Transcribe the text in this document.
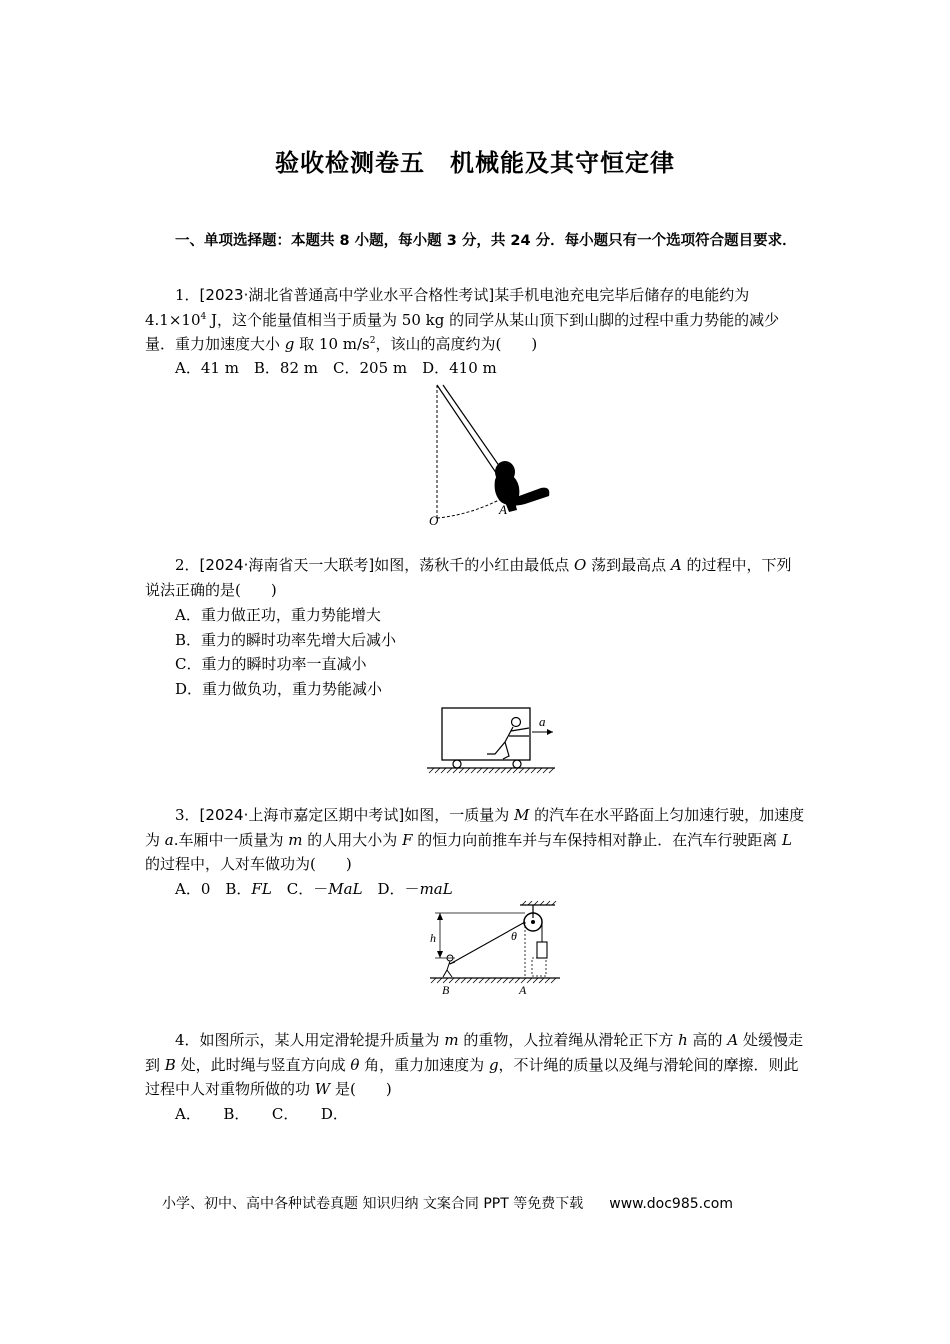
验收检测卷五　机械能及其守恒定律

一、单项选择题：本题共 8 小题，每小题 3 分，共 24 分．每小题只有一个选项符合题目要求．

1．[2023·湖北省普通高中学业水平合格性考试]某手机电池充电完毕后储存的电能约为 $4.1\times 10^4$ J，这个能量值相当于质量为 50 kg 的同学从某山顶下到山脚的过程中重力势能的减少量．重力加速度大小 g 取 10 $m/s^2$，该山的高度约为(　　)

A．41 m　B．82 m　C．205 m　D．410 m
O
A

2．[2024·海南省天一大联考]如图，荡秋千的小红由最低点 O 荡到最高点 A 的过程中，下列说法正确的是(　　)

A．重力做正功，重力势能增大
B．重力的瞬时功率先增大后减小
C．重力的瞬时功率一直减小
D．重力做负功，重力势能减小
a

3．[2024·上海市嘉定区期中考试]如图，一质量为 M 的汽车在水平路面上匀加速行驶，加速度为 a.车厢中一质量为 m 的人用大小为 F 的恒力向前推车并与车保持相对静止．在汽车行驶距离 L 的过程中，人对车做功为(　　)

A．0　B．FL　C．－MaL　D．－maL
h	θ
B	A

4．如图所示，某人用定滑轮提升质量为 m 的重物，人拉着绳从滑轮正下方 h 高的 A 处缓慢走到 B 处，此时绳与竖直方向成 θ 角，重力加速度为 g，不计绳的质量以及绳与滑轮间的摩擦．则此过程中人对重物所做的功 W 是(　　)

A．　　B．　　C．　　D．
小学、初中、高中各种试卷真题 知识归纳 文案合同 PPT 等免费下载 www.doc985.com
